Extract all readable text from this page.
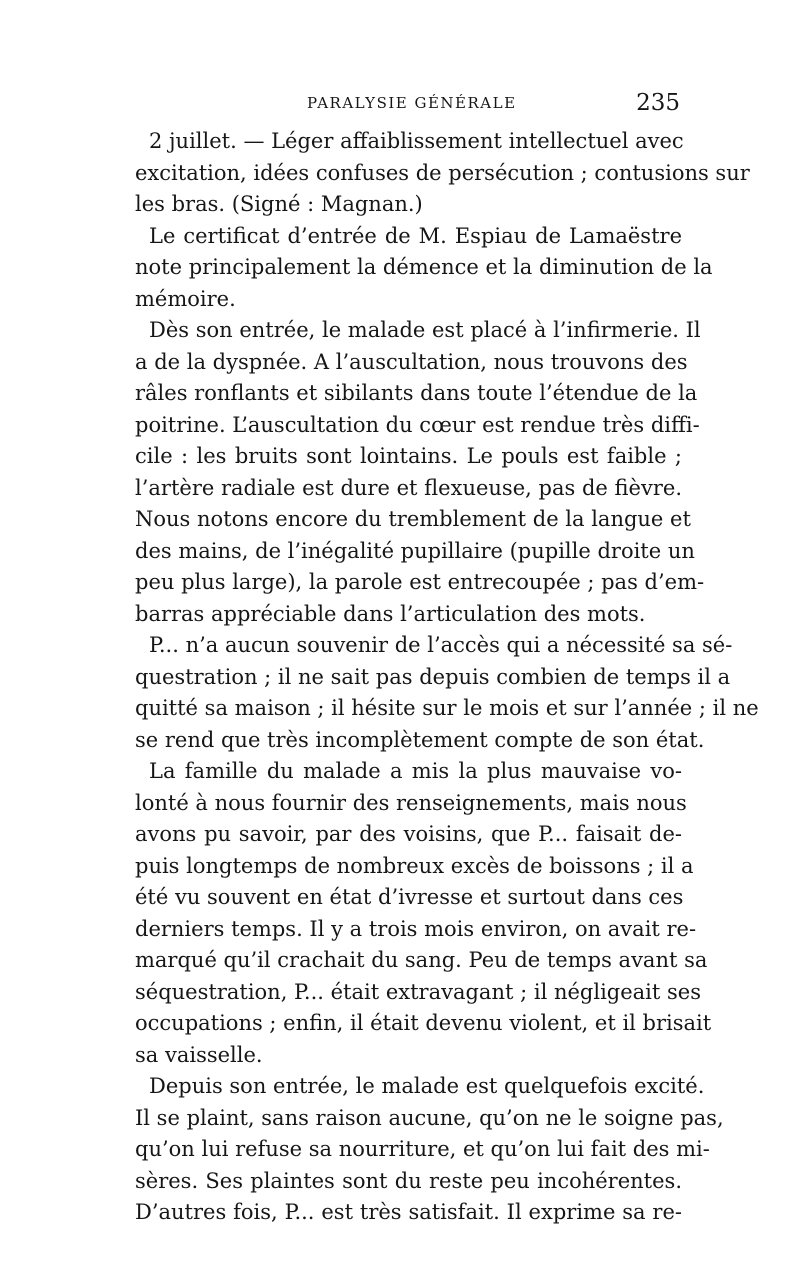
PARALYSIE GÉNÉRALE	235
2 juillet. — Léger affaiblissement intellectuel avec
excitation, idées confuses de persécution ; contusions sur
les bras. (Signé : Magnan.)
Le certificat d’entrée de M. Espiau de Lamaëstre
note principalement la démence et la diminution de la
mémoire.
Dès son entrée, le malade est placé à l’infirmerie. Il
a de la dyspnée. A l’auscultation, nous trouvons des
râles ronflants et sibilants dans toute l’étendue de la
poitrine. L’auscultation du cœur est rendue très diffi-
cile : les bruits sont lointains. Le pouls est faible ;
l’artère radiale est dure et flexueuse, pas de fièvre.
Nous notons encore du tremblement de la langue et
des mains, de l’inégalité pupillaire (pupille droite un
peu plus large), la parole est entrecoupée ; pas d’em-
barras appréciable dans l’articulation des mots.
P... n’a aucun souvenir de l’accès qui a nécessité sa sé-
questration ; il ne sait pas depuis combien de temps il a
quitté sa maison ; il hésite sur le mois et sur l’année ; il ne
se rend que très incomplètement compte de son état.
La famille du malade a mis la plus mauvaise vo-
lonté à nous fournir des renseignements, mais nous
avons pu savoir, par des voisins, que P... faisait de-
puis longtemps de nombreux excès de boissons ; il a
été vu souvent en état d’ivresse et surtout dans ces
derniers temps. Il y a trois mois environ, on avait re-
marqué qu’il crachait du sang. Peu de temps avant sa
séquestration, P... était extravagant ; il négligeait ses
occupations ; enfin, il était devenu violent, et il brisait
sa vaisselle.
Depuis son entrée, le malade est quelquefois excité.
Il se plaint, sans raison aucune, qu’on ne le soigne pas,
qu’on lui refuse sa nourriture, et qu’on lui fait des mi-
sères. Ses plaintes sont du reste peu incohérentes.
D’autres fois, P... est très satisfait. Il exprime sa re-
